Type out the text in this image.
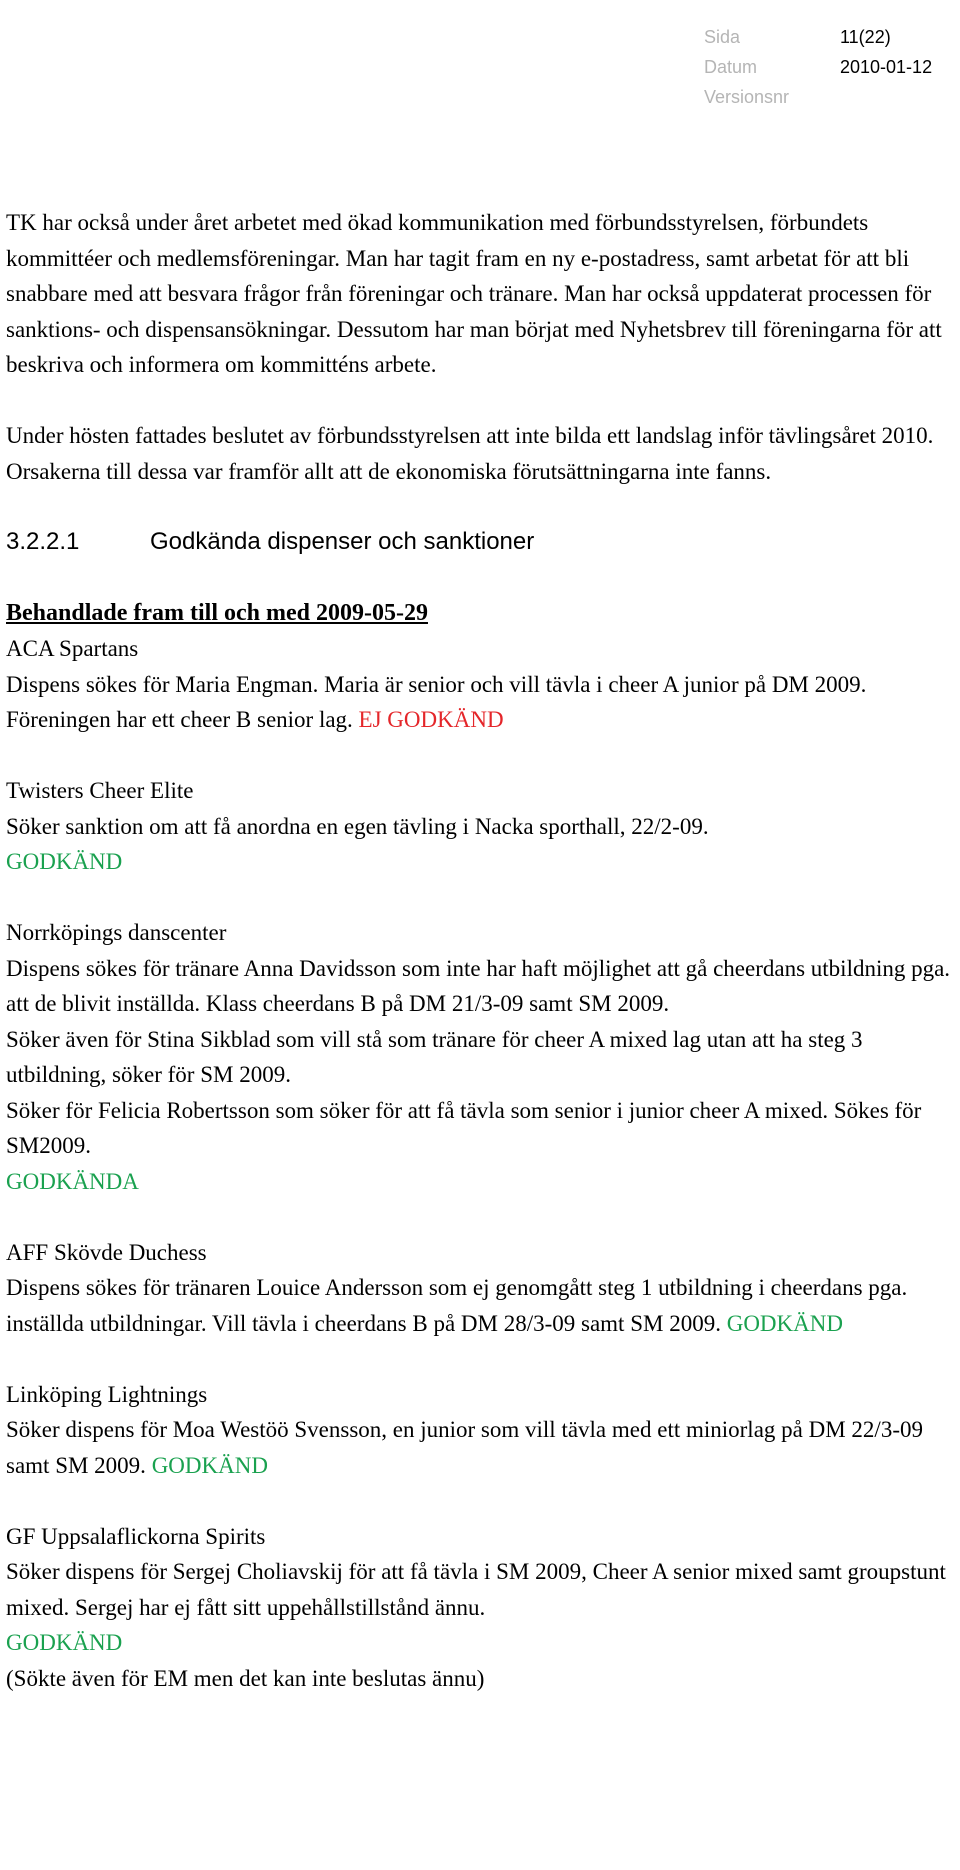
Sida	11(22)
Datum	2010-01-12
Versionsnr

TK har också under året arbetet med ökad kommunikation med förbundsstyrelsen, förbundets kommittéer och medlemsföreningar. Man har tagit fram en ny e-postadress, samt arbetat för att bli snabbare med att besvara frågor från föreningar och tränare. Man har också uppdaterat processen för sanktions- och dispensansökningar. Dessutom har man börjat med Nyhetsbrev till föreningarna för att beskriva och informera om kommitténs arbete.

Under hösten fattades beslutet av förbundsstyrelsen att inte bilda ett landslag inför tävlingsåret 2010. Orsakerna till dessa var framför allt att de ekonomiska förutsättningarna inte fanns.

3.2.2.1	Godkända dispenser och sanktioner
Behandlade fram till och med 2009-05-29
ACA Spartans

Dispens sökes för Maria Engman. Maria är senior och vill tävla i cheer A junior på DM 2009. Föreningen har ett cheer B senior lag. EJ GODKÄND

Twisters Cheer Elite

Söker sanktion om att få anordna en egen tävling i Nacka sporthall, 22/2-09.

GODKÄND
Norrköpings danscenter

Dispens sökes för tränare Anna Davidsson som inte har haft möjlighet att gå cheerdans utbildning pga. att de blivit inställda. Klass cheerdans B på DM 21/3-09 samt SM 2009.

Söker även för Stina Sikblad som vill stå som tränare för cheer A mixed lag utan att ha steg 3 utbildning, söker för SM 2009.

Söker för Felicia Robertsson som söker för att få tävla som senior i junior cheer A mixed. Sökes för SM2009.

GODKÄNDA
AFF Skövde Duchess

Dispens sökes för tränaren Louice Andersson som ej genomgått steg 1 utbildning i cheerdans pga. inställda utbildningar. Vill tävla i cheerdans B på DM 28/3-09 samt SM 2009. GODKÄND

Linköping Lightnings

Söker dispens för Moa Westöö Svensson, en junior som vill tävla med ett miniorlag på DM 22/3-09 samt SM 2009. GODKÄND

GF Uppsalaflickorna Spirits

Söker dispens för Sergej Choliavskij för att få tävla i SM 2009, Cheer A senior mixed samt groupstunt mixed. Sergej har ej fått sitt uppehållstillstånd ännu.

GODKÄND
(Sökte även för EM men det kan inte beslutas ännu)
